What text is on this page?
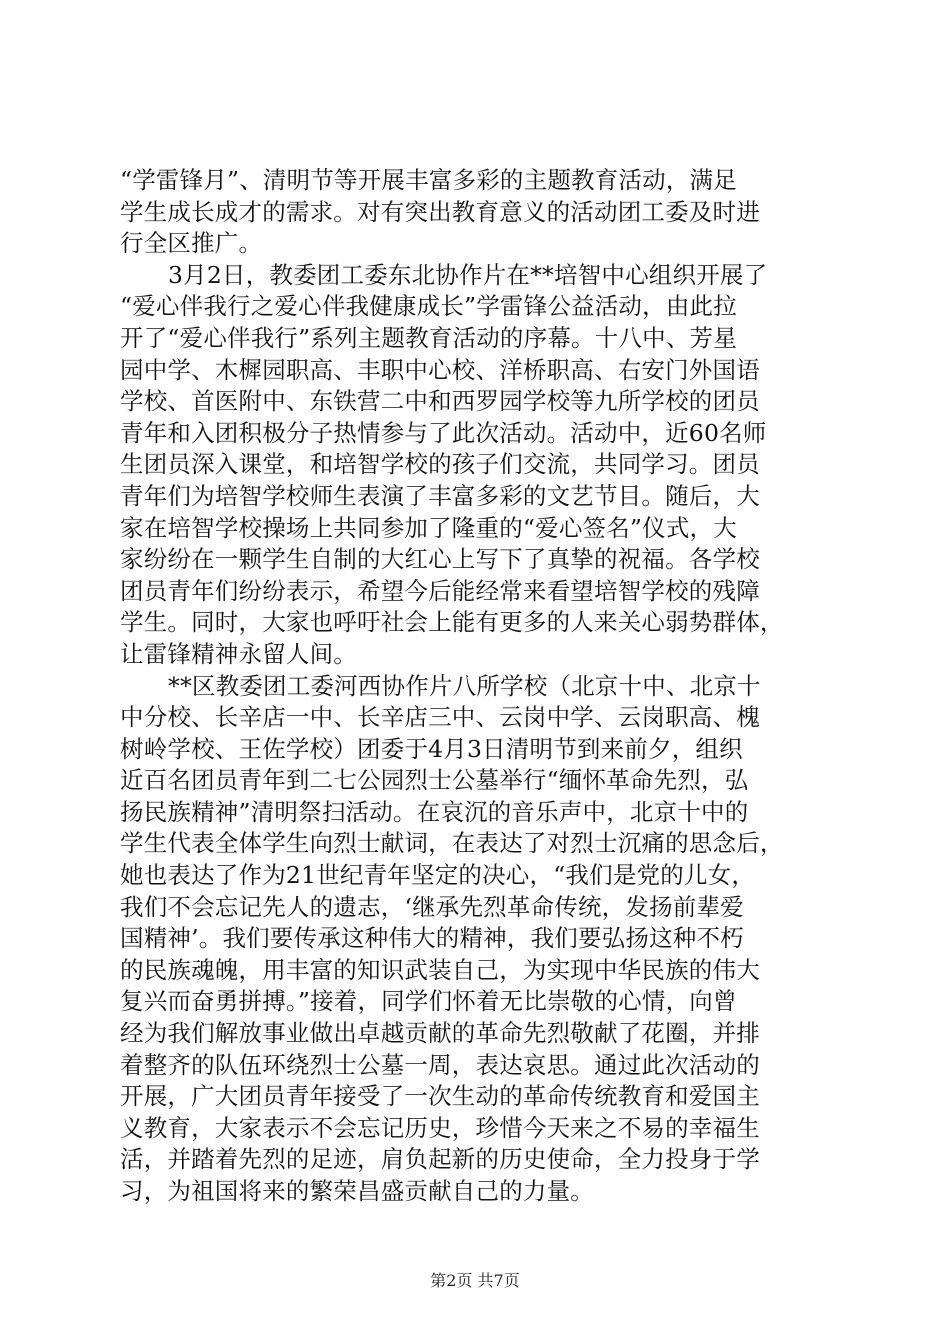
“学雷锋月”、清明节等开展丰富多彩的主题教育活动，满足
学生成长成才的需求。对有突出教育意义的活动团工委及时进
行全区推广。
3月2日，教委团工委东北协作片在**培智中心组织开展了
“爱心伴我行之爱心伴我健康成长”学雷锋公益活动，由此拉
开了“爱心伴我行”系列主题教育活动的序幕。十八中、芳星
园中学、木樨园职高、丰职中心校、洋桥职高、右安门外国语
学校、首医附中、东铁营二中和西罗园学校等九所学校的团员
青年和入团积极分子热情参与了此次活动。活动中，近60名师
生团员深入课堂，和培智学校的孩子们交流，共同学习。团员
青年们为培智学校师生表演了丰富多彩的文艺节目。随后，大
家在培智学校操场上共同参加了隆重的“爱心签名”仪式，大
家纷纷在一颗学生自制的大红心上写下了真挚的祝福。各学校
团员青年们纷纷表示，希望今后能经常来看望培智学校的残障
学生。同时，大家也呼吁社会上能有更多的人来关心弱势群体，
让雷锋精神永留人间。
**区教委团工委河西协作片八所学校（北京十中、北京十
中分校、长辛店一中、长辛店三中、云岗中学、云岗职高、槐
树岭学校、王佐学校）团委于4月3日清明节到来前夕，组织
近百名团员青年到二七公园烈士公墓举行“缅怀革命先烈，弘
扬民族精神”清明祭扫活动。在哀沉的音乐声中，北京十中的
学生代表全体学生向烈士献词，在表达了对烈士沉痛的思念后，
她也表达了作为21世纪青年坚定的决心，“我们是党的儿女，
我们不会忘记先人的遗志，‘继承先烈革命传统，发扬前辈爱
国精神’。我们要传承这种伟大的精神，我们要弘扬这种不朽
的民族魂魄，用丰富的知识武装自己，为实现中华民族的伟大
复兴而奋勇拼搏。”接着，同学们怀着无比崇敬的心情，向曾
经为我们解放事业做出卓越贡献的革命先烈敬献了花圈，并排
着整齐的队伍环绕烈士公墓一周，表达哀思。通过此次活动的
开展，广大团员青年接受了一次生动的革命传统教育和爱国主
义教育，大家表示不会忘记历史，珍惜今天来之不易的幸福生
活，并踏着先烈的足迹，肩负起新的历史使命，全力投身于学
习，为祖国将来的繁荣昌盛贡献自己的力量。
第2页 共7页
